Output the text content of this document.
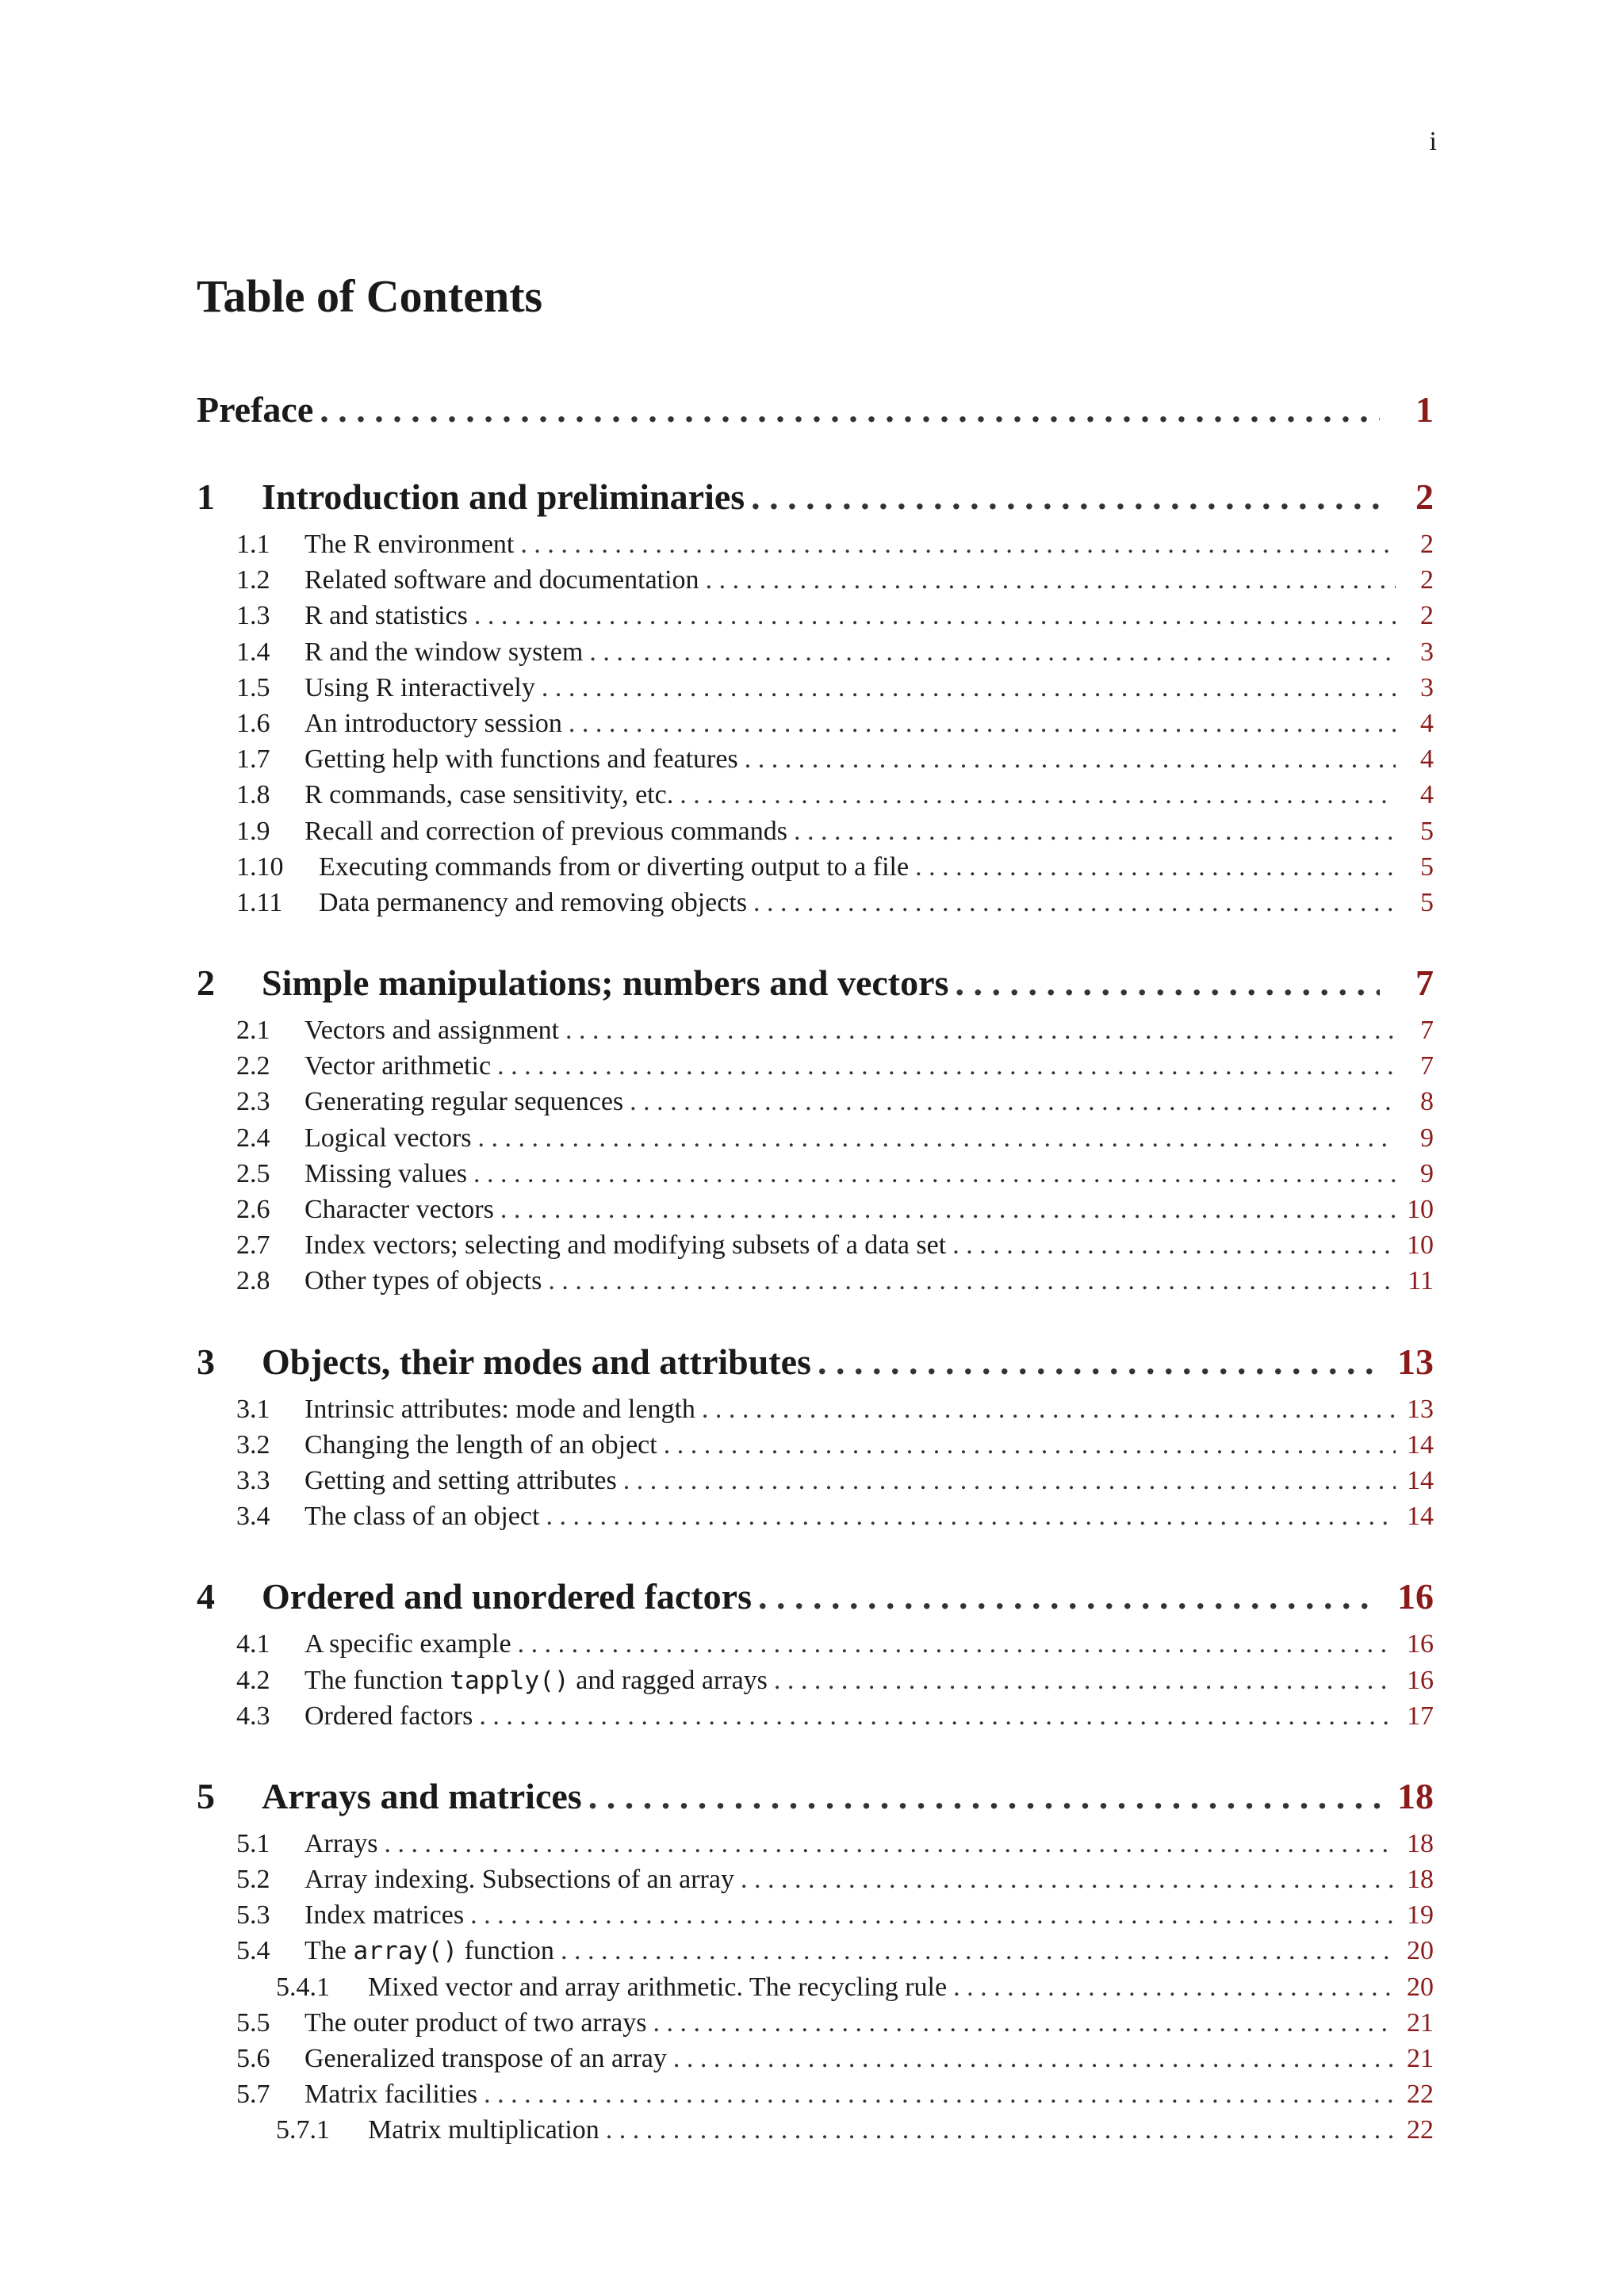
i
Table of Contents
Preface . . .	1
1	Introduction and preliminaries . . .	2
1.1	The R environment . . .	2
1.2	Related software and documentation . . .	2
1.3	R and statistics . . .	2
1.4	R and the window system . . .	3
1.5	Using R interactively . . .	3
1.6	An introductory session . . .	4
1.7	Getting help with functions and features . . .	4
1.8	R commands, case sensitivity, etc. . . .	4
1.9	Recall and correction of previous commands . . .	5
1.10	Executing commands from or diverting output to a file . . .	5
1.11	Data permanency and removing objects . . .	5
2	Simple manipulations; numbers and vectors . . .	7
2.1	Vectors and assignment . . .	7
2.2	Vector arithmetic . . .	7
2.3	Generating regular sequences . . .	8
2.4	Logical vectors . . .	9
2.5	Missing values . . .	9
2.6	Character vectors . . .	10
2.7	Index vectors; selecting and modifying subsets of a data set . . .	10
2.8	Other types of objects . . .	11
3	Objects, their modes and attributes . . .	13
3.1	Intrinsic attributes: mode and length . . .	13
3.2	Changing the length of an object . . .	14
3.3	Getting and setting attributes . . .	14
3.4	The class of an object . . .	14
4	Ordered and unordered factors . . .	16
4.1	A specific example . . .	16
4.2	The function tapply() and ragged arrays . . .	16
4.3	Ordered factors . . .	17
5	Arrays and matrices . . .	18
5.1	Arrays . . .	18
5.2	Array indexing. Subsections of an array . . .	18
5.3	Index matrices . . .	19
5.4	The array() function . . .	20
5.4.1	Mixed vector and array arithmetic. The recycling rule . . .	20
5.5	The outer product of two arrays . . .	21
5.6	Generalized transpose of an array . . .	21
5.7	Matrix facilities . . .	22
5.7.1	Matrix multiplication . . .	22
